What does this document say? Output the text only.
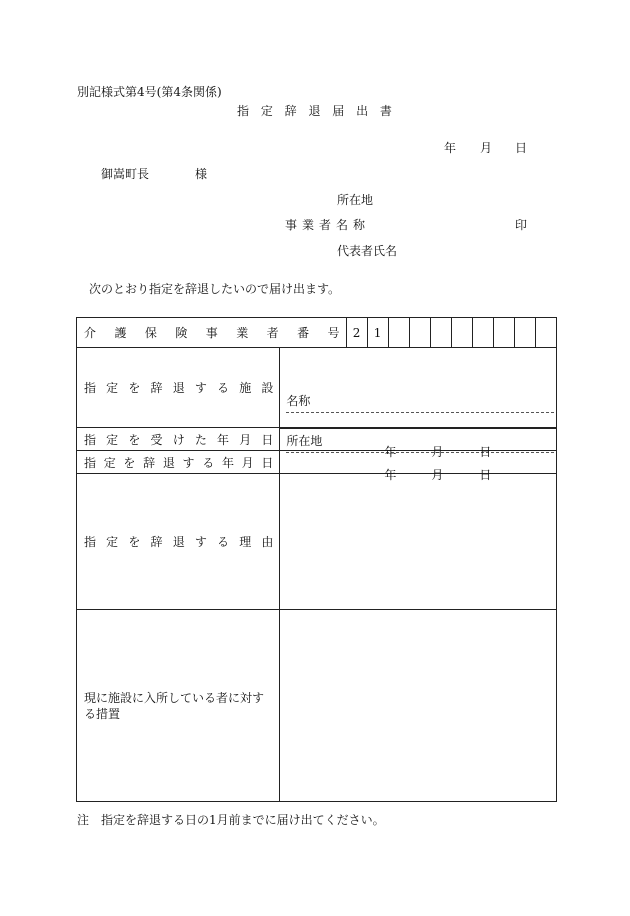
別記様式第4号(第4条関係)
指 定 辞 退 届 出 書
年 月 日
御嵩町長	様
所在地
事業者名称	印
代表者氏名
次のとおり指定を辞退したいので届け出ます。
介護保険事業者番号		2	1								
指定を辞退する施設	名称
所在地										

指定を受けた年月日	年 月 日										

指定を辞退する年月日	年 月 日										

指定を辞退する理由											
現に施設に入所している者に対する措置											
注　指定を辞退する日の1月前までに届け出てください。
